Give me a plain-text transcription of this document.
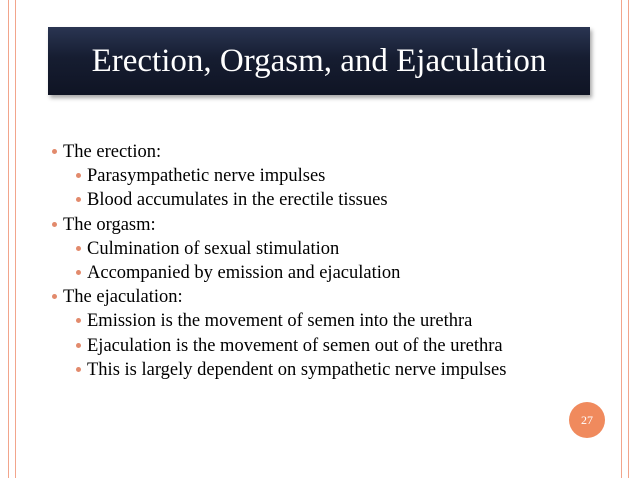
Erection, Orgasm, and Ejaculation
The erection:
Parasympathetic nerve impulses
Blood accumulates in the erectile tissues
The orgasm:
Culmination of sexual stimulation
Accompanied by emission and ejaculation
The ejaculation:
Emission is the movement of semen into the urethra
Ejaculation is the movement of semen out of the urethra
This is largely dependent on sympathetic nerve impulses
27
